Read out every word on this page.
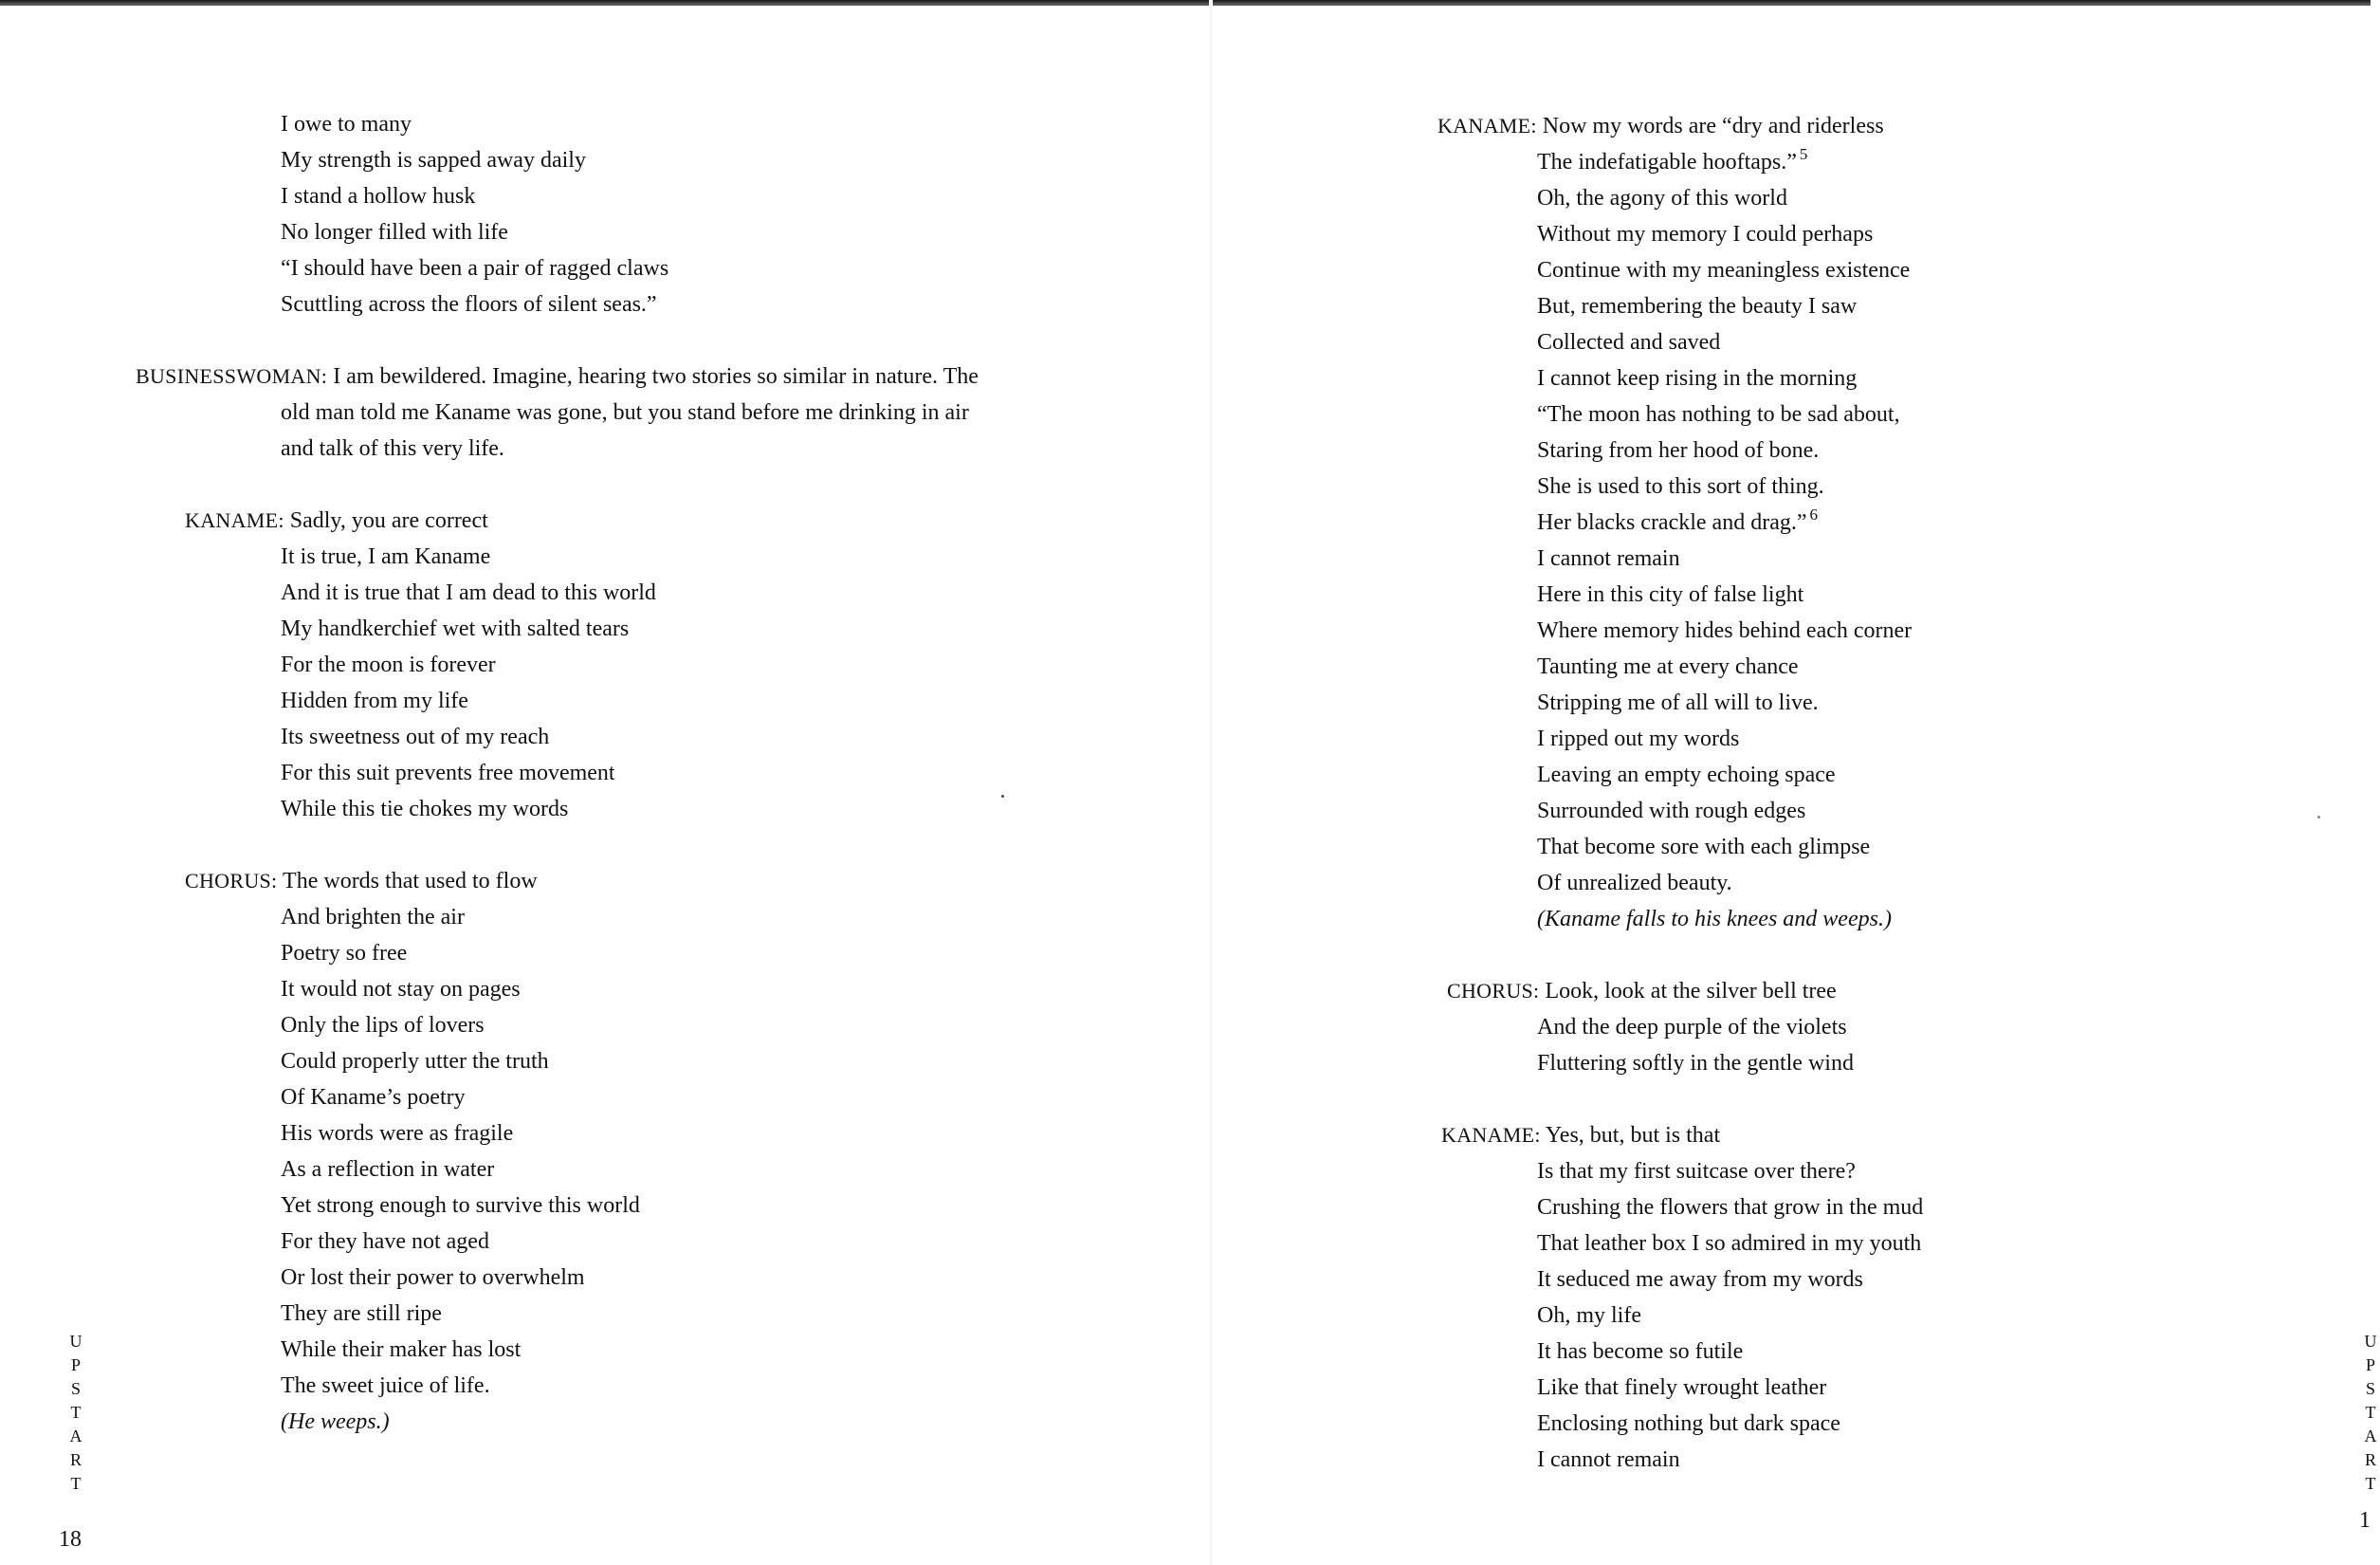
I owe to many
My strength is sapped away daily
I stand a hollow husk
No longer filled with life
“I should have been a pair of ragged claws
Scuttling across the floors of silent seas.”
BUSINESSWOMAN: I am bewildered. Imagine, hearing two stories so similar in nature. The
old man told me Kaname was gone, but you stand before me drinking in air
and talk of this very life.
KANAME: Sadly, you are correct
It is true, I am Kaname
And it is true that I am dead to this world
My handkerchief wet with salted tears
For the moon is forever
Hidden from my life
Its sweetness out of my reach
For this suit prevents free movement
While this tie chokes my words
CHORUS: The words that used to flow
And brighten the air
Poetry so free
It would not stay on pages
Only the lips of lovers
Could properly utter the truth
Of Kaname’s poetry
His words were as fragile
As a reflection in water
Yet strong enough to survive this world
For they have not aged
Or lost their power to overwhelm
They are still ripe
While their maker has lost
The sweet juice of life.
(He weeps.)
U
P
S
T
A
R
T
18
KANAME: Now my words are “dry and riderless
The indefatigable hooftaps.” $^5$
Oh, the agony of this world
Without my memory I could perhaps
Continue with my meaningless existence
But, remembering the beauty I saw
Collected and saved
I cannot keep rising in the morning
“The moon has nothing to be sad about,
Staring from her hood of bone.
She is used to this sort of thing.
Her blacks crackle and drag.” $^6$
I cannot remain
Here in this city of false light
Where memory hides behind each corner
Taunting me at every chance
Stripping me of all will to live.
I ripped out my words
Leaving an empty echoing space
Surrounded with rough edges
That become sore with each glimpse
Of unrealized beauty.
(Kaname falls to his knees and weeps.)
CHORUS: Look, look at the silver bell tree
And the deep purple of the violets
Fluttering softly in the gentle wind
KANAME: Yes, but, but is that
Is that my first suitcase over there?
Crushing the flowers that grow in the mud
That leather box I so admired in my youth
It seduced me away from my words
Oh, my life
It has become so futile
Like that finely wrought leather
Enclosing nothing but dark space
I cannot remain
U
P
S
T
A
R
T
1
